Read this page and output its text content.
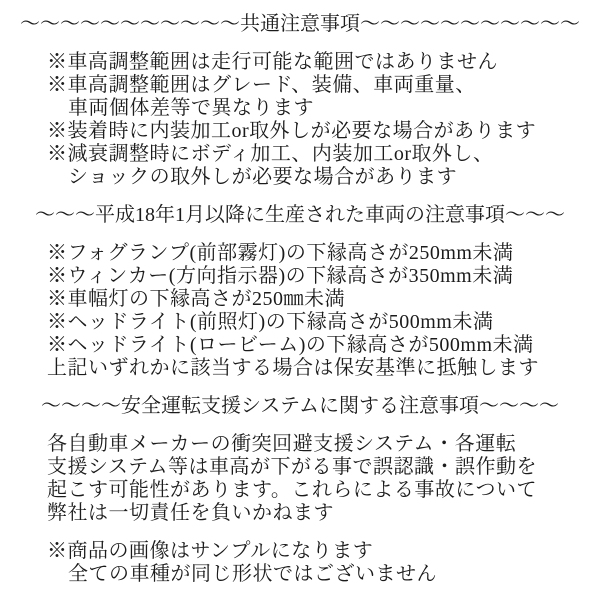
～～～～～～～～～～～共通注意事項～～～～～～～～～～～

※車高調整範囲は走行可能な範囲ではありません

※車高調整範囲はグレード、装備、車両重量、

車両個体差等で異なります

※装着時に内装加工or取外しが必要な場合があります

※減衰調整時にボディ加工、内装加工or取外し、

ショックの取外しが必要な場合があります

～～～平成18年1月以降に生産された車両の注意事項～～～

※フォグランプ(前部霧灯)の下縁高さが250mm未満

※ウィンカー(方向指示器)の下縁高さが350mm未満

※車幅灯の下縁高さが250㎜未満

※ヘッドライト(前照灯)の下縁高さが500mm未満

※ヘッドライト(ロービーム)の下縁高さが500mm未満

上記いずれかに該当する場合は保安基準に抵触します

～～～～安全運転支援システムに関する注意事項～～～～

各自動車メーカーの衝突回避支援システム・各運転

支援システム等は車高が下がる事で誤認識・誤作動を

起こす可能性があります。これらによる事故について

弊社は一切責任を負いかねます

※商品の画像はサンプルになります

全ての車種が同じ形状ではございません
